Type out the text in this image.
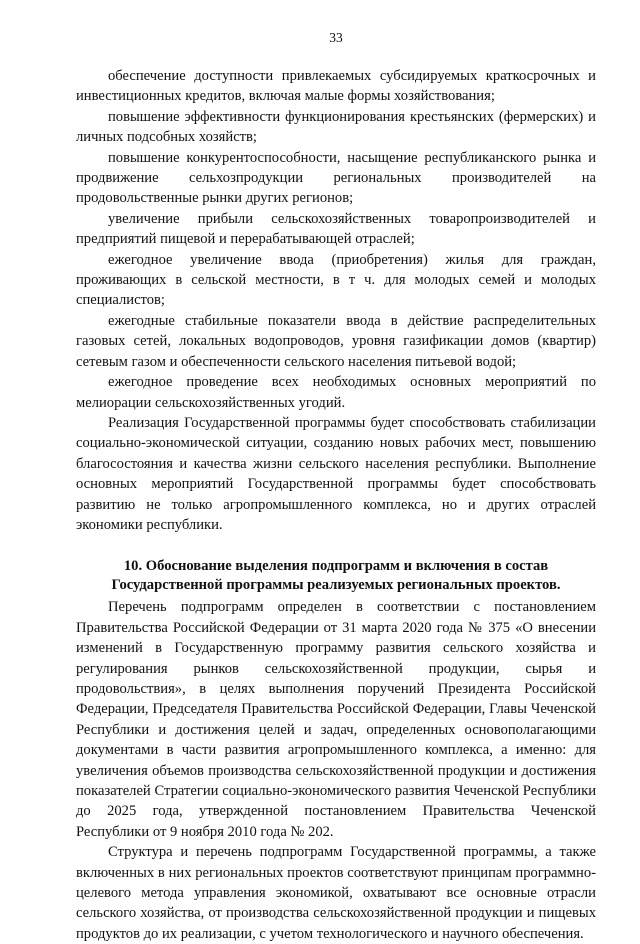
33

обеспечение доступности привлекаемых субсидируемых краткосрочных и инвестиционных кредитов, включая малые формы хозяйствования;

повышение эффективности функционирования крестьянских (фермерских) и личных подсобных хозяйств;

повышение конкурентоспособности, насыщение республиканского рынка и продвижение сельхозпродукции региональных производителей на продовольственные рынки других регионов;

увеличение прибыли сельскохозяйственных товаропроизводителей и предприятий пищевой и перерабатывающей отраслей;

ежегодное увеличение ввода (приобретения) жилья для граждан, проживающих в сельской местности, в т ч. для молодых семей и молодых специалистов;

ежегодные стабильные показатели ввода в действие распределительных газовых сетей, локальных водопроводов, уровня газификации домов (квартир) сетевым газом и обеспеченности сельского населения питьевой водой;

ежегодное проведение всех необходимых основных мероприятий по мелиорации сельскохозяйственных угодий.

Реализация Государственной программы будет способствовать стабилизации социально-экономической ситуации, созданию новых рабочих мест, повышению благосостояния и качества жизни сельского населения республики. Выполнение основных мероприятий Государственной программы будет способствовать развитию не только агропромышленного комплекса, но и других отраслей экономики республики.

10. Обоснование выделения подпрограмм и включения в состав
Государственной программы реализуемых региональных проектов.

Перечень подпрограмм определен в соответствии с постановлением Правительства Российской Федерации от 31 марта 2020 года № 375 «О внесении изменений в Государственную программу развития сельского хозяйства и регулирования рынков сельскохозяйственной продукции, сырья и продовольствия», в целях выполнения поручений Президента Российской Федерации, Председателя Правительства Российской Федерации, Главы Чеченской Республики и достижения целей и задач, определенных основополагающими документами в части развития агропромышленного комплекса, а именно: для увеличения объемов производства сельскохозяйственной продукции и достижения показателей Стратегии социально-экономического развития Чеченской Республики до 2025 года, утвержденной постановлением Правительства Чеченской Республики от 9 ноября 2010 года № 202.

Структура и перечень подпрограмм Государственной программы, а также включенных в них региональных проектов соответствуют принципам программно-целевого метода управления экономикой, охватывают все основные отрасли сельского хозяйства, от производства сельскохозяйственной продукции и пищевых продуктов до их реализации, с учетом технологического и научного обеспечения.
